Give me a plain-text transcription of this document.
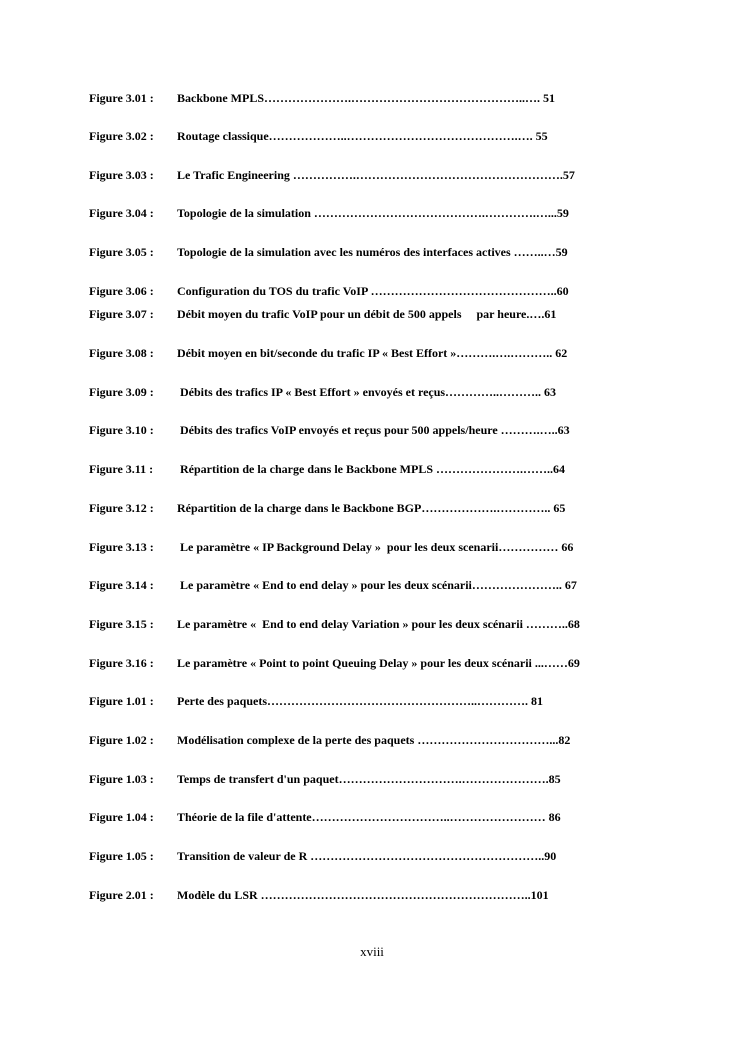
Figure 3.01 : Backbone MPLS………………….……………………………………..…. 51
Figure 3.02 : Routage classique………………..…………………………………….…. 55
Figure 3.03 : Le Trafic Engineering …………….…………………………………………….57
Figure 3.04 : Topologie de la simulation …………………………………….………….…...59
Figure 3.05 : Topologie de la simulation avec les numéros des interfaces actives ……..…59
Figure 3.06 : Configuration du TOS du trafic VoIP ………………………………………..60
Figure 3.07 : Débit moyen du trafic VoIP pour un débit de 500 appels     par heure.….61
Figure 3.08 : Débit moyen en bit/seconde du trafic IP « Best Effort »……….….……….. 62
Figure 3.09 : Débits des trafics IP « Best Effort » envoyés et reçus…………..……….. 63
Figure 3.10 : Débits des trafics VoIP envoyés et reçus pour 500 appels/heure ……….…..63
Figure 3.11 : Répartition de la charge dans le Backbone MPLS ………………….……..64
Figure 3.12 : Répartition de la charge dans le Backbone BGP……………….………….. 65
Figure 3.13 : Le paramètre « IP Background Delay »  pour les deux scenarii…………… 66
Figure 3.14 : Le paramètre « End to end delay » pour les deux scénarii………………….. 67
Figure 3.15 : Le paramètre «  End to end delay Variation » pour les deux scénarii ………..68
Figure 3.16 : Le paramètre « Point to point Queuing Delay » pour les deux scénarii ...……69
Figure 1.01 : Perte des paquets……………………………………………..…………. 81
Figure 1.02 : Modélisation complexe de la perte des paquets ……………………………...82
Figure 1.03 : Temps de transfert d'un paquet………………………….………………….85
Figure 1.04 : Théorie de la file d'attente……………………………..…………………… 86
Figure 1.05 : Transition de valeur de R …………………………………………………..90
Figure 2.01 : Modèle du LSR …………………………………………………………..101
xviii
